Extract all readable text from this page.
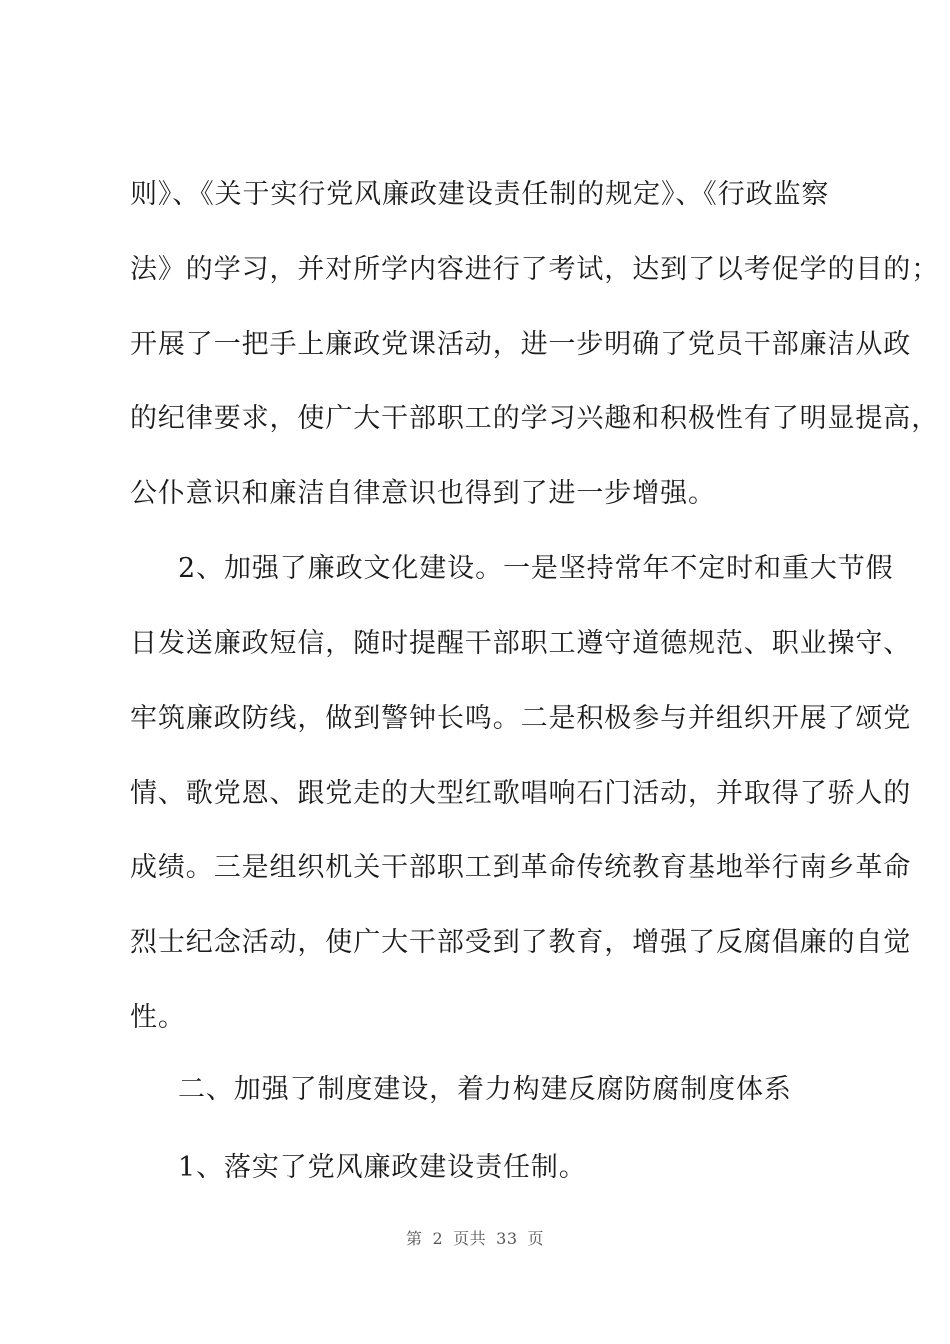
则》、《关于实行党风廉政建设责任制的规定》、《行政监察
法》的学习，并对所学内容进行了考试，达到了以考促学的目的；
开展了一把手上廉政党课活动，进一步明确了党员干部廉洁从政
的纪律要求，使广大干部职工的学习兴趣和积极性有了明显提高，
公仆意识和廉洁自律意识也得到了进一步增强。
2、加强了廉政文化建设。一是坚持常年不定时和重大节假
日发送廉政短信，随时提醒干部职工遵守道德规范、职业操守、
牢筑廉政防线，做到警钟长鸣。二是积极参与并组织开展了颂党
情、歌党恩、跟党走的大型红歌唱响石门活动，并取得了骄人的
成绩。三是组织机关干部职工到革命传统教育基地举行南乡革命
烈士纪念活动，使广大干部受到了教育，增强了反腐倡廉的自觉
性。
二、加强了制度建设，着力构建反腐防腐制度体系
第 2 页共 33 页
1、落实了党风廉政建设责任制。
